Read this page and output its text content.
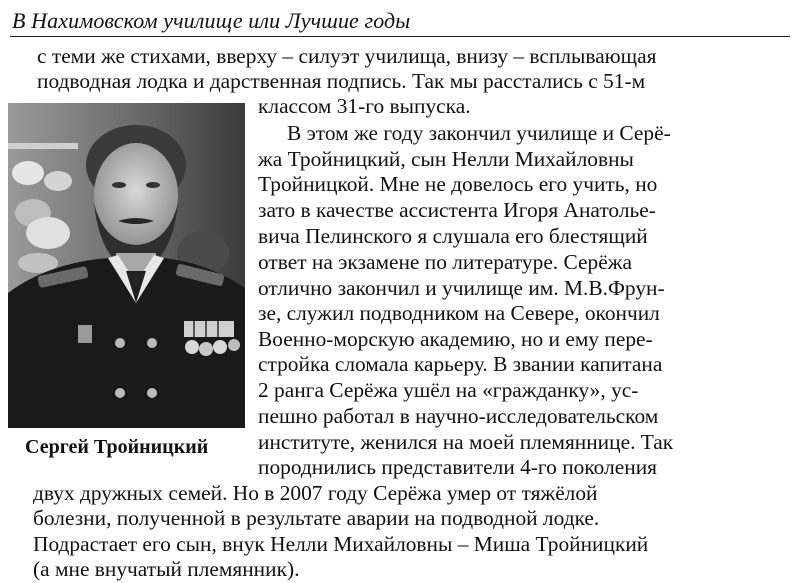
В Нахимовском училище или Лучшие годы
с теми же стихами, вверху – силуэт училища, внизу – всплывающая
подводная лодка и дарственная подпись. Так мы расстались с 51-м
классом 31-го выпуска.
В этом же году закончил училище и Серё-
жа Тройницкий, сын Нелли Михайловны
Тройницкой. Мне не довелось его учить, но
зато в качестве ассистента Игоря Анатолье-
вича Пелинского я слушала его блестящий
ответ на экзамене по литературе. Серёжа
отлично закончил и училище им. М.В.Фрун-
зе, служил подводником на Севере, окончил
Военно-морскую академию, но и ему пере-
стройка сломала карьеру. В звании капитана
2 ранга Серёжа ушёл на «гражданку», ус-
пешно работал в научно-исследовательском
институте, женился на моей племяннице. Так
породнились представители 4-го поколения
двух дружных семей. Но в 2007 году Серёжа умер от тяжёлой
болезни, полученной в результате аварии на подводной лодке.
Подрастает его сын, внук Нелли Михайловны – Миша Тройницкий
(а мне внучатый племянник).
Сергей Тройницкий
